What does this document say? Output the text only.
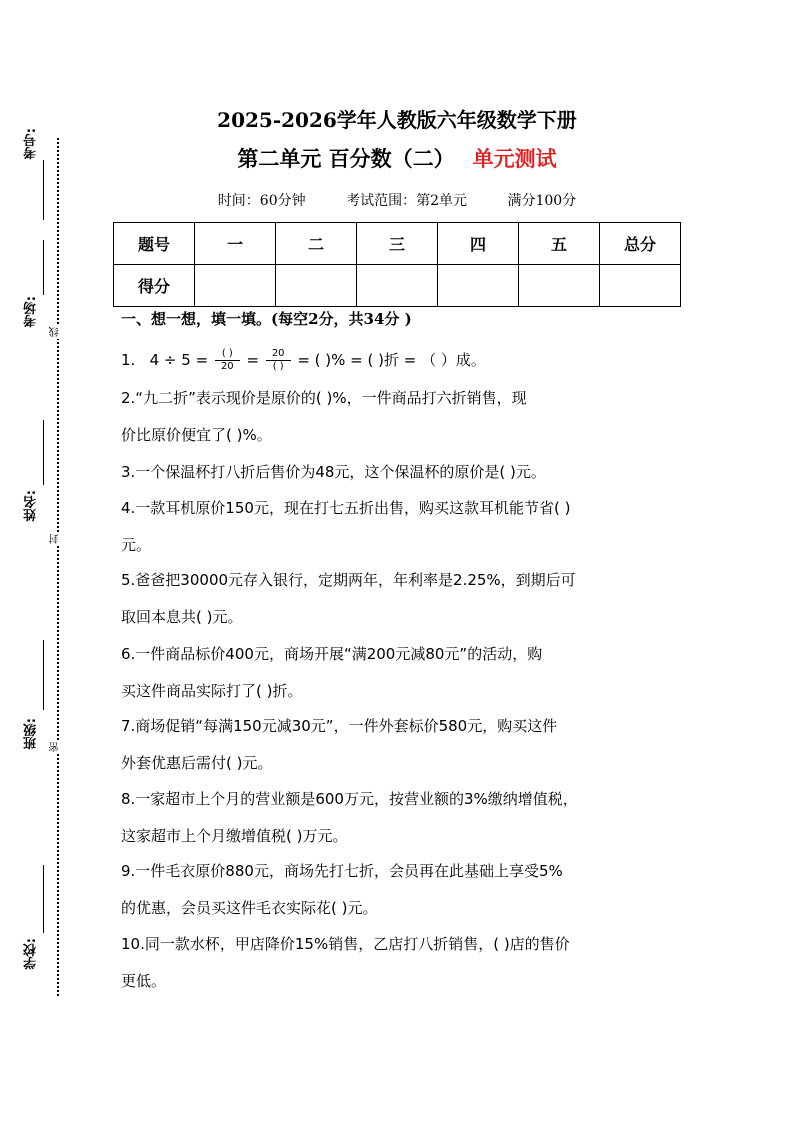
考号:
考场:
姓名:
班级:
学校:
线
封
密
2025-2026学年人教版六年级数学下册
第二单元 百分数（二） 单元测试
时间：60分钟	考试范围：第2单元	满分100分
题号	一	二	三	四	五	总分
得分						
一、想一想，填一填。(每空2分，共34分 )
1. $4 \div 5 = \frac{( )}{20} = \frac{20}{( )}$ = ( )% = ( )折 = （ ）成。
2.“九二折”表示现价是原价的( )%，一件商品打六折销售，现
价比原价便宜了( )%。
3.一个保温杯打八折后售价为48元，这个保温杯的原价是( )元。
4.一款耳机原价150元，现在打七五折出售，购买这款耳机能节省( )
元。
5.爸爸把30000元存入银行，定期两年，年利率是2.25%，到期后可
取回本息共( )元。
6.一件商品标价400元，商场开展“满200元减80元”的活动，购
买这件商品实际打了( )折。
7.商场促销“每满150元减30元”，一件外套标价580元，购买这件
外套优惠后需付( )元。
8.一家超市上个月的营业额是600万元，按营业额的3%缴纳增值税，
这家超市上个月缴增值税( )万元。
9.一件毛衣原价880元，商场先打七折，会员再在此基础上享受5%
的优惠，会员买这件毛衣实际花( )元。
10.同一款水杯，甲店降价15%销售，乙店打八折销售，( )店的售价
更低。
